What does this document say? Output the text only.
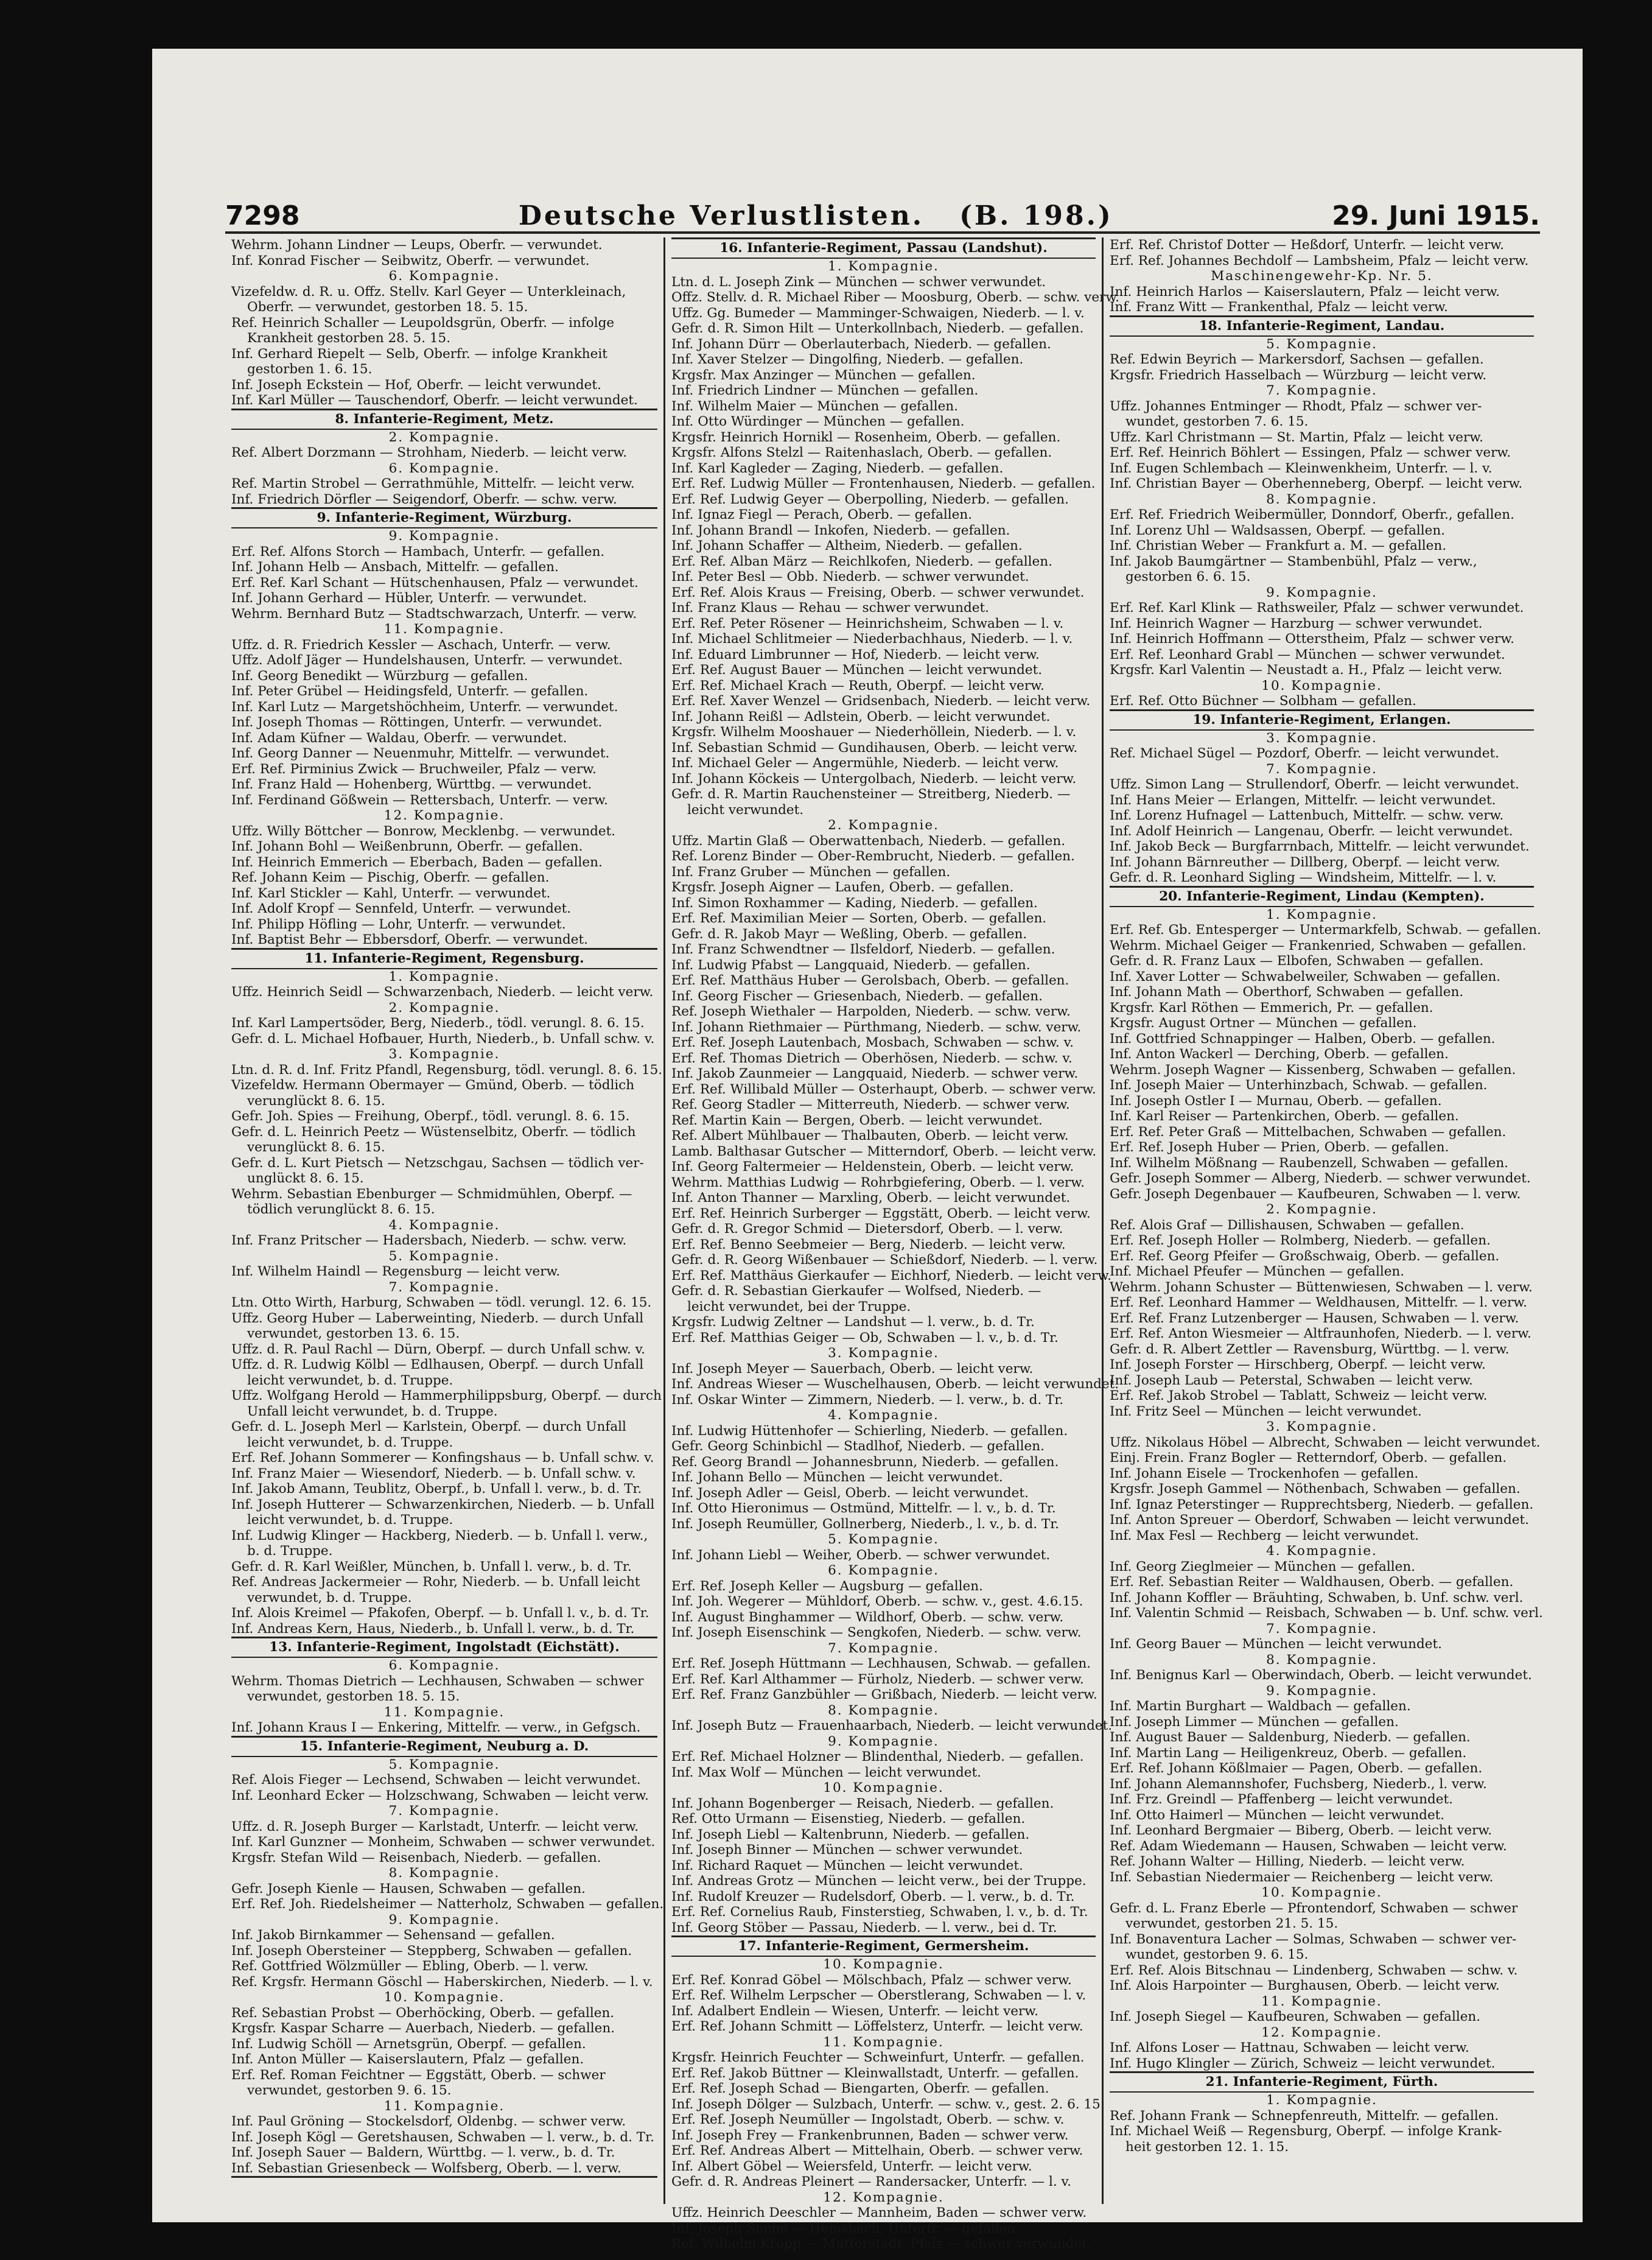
7298	Deutsche Verlustlisten. (B. 198.)	29. Juni 1915.

Wehrm. Johann Lindner — Leups, Oberfr. — verwundet.

Inf. Konrad Fischer — Seibwitz, Oberfr. — verwundet.

6. Kompagnie.

Vizefeldw. d. R. u. Offz. Stellv. Karl Geyer — Unterkleinach,

Oberfr. — verwundet, gestorben 18. 5. 15.

Ref. Heinrich Schaller — Leupoldsgrün, Oberfr. — infolge

Krankheit gestorben 28. 5. 15.

Inf. Gerhard Riepelt — Selb, Oberfr. — infolge Krankheit

gestorben 1. 6. 15.

Inf. Joseph Eckstein — Hof, Oberfr. — leicht verwundet.

Inf. Karl Müller — Tauschendorf, Oberfr. — leicht verwundet.

8. Infanterie-Regiment, Metz.

2. Kompagnie.

Ref. Albert Dorzmann — Strohham, Niederb. — leicht verw.

6. Kompagnie.

Ref. Martin Strobel — Gerrathmühle, Mittelfr. — leicht verw.

Inf. Friedrich Dörfler — Seigendorf, Oberfr. — schw. verw.

9. Infanterie-Regiment, Würzburg.

9. Kompagnie.

Erf. Ref. Alfons Storch — Hambach, Unterfr. — gefallen.

Inf. Johann Helb — Ansbach, Mittelfr. — gefallen.

Erf. Ref. Karl Schant — Hütschenhausen, Pfalz — verwundet.

Inf. Johann Gerhard — Hübler, Unterfr. — verwundet.

Wehrm. Bernhard Butz — Stadtschwarzach, Unterfr. — verw.

11. Kompagnie.

Uffz. d. R. Friedrich Kessler — Aschach, Unterfr. — verw.

Uffz. Adolf Jäger — Hundelshausen, Unterfr. — verwundet.

Inf. Georg Benedikt — Würzburg — gefallen.

Inf. Peter Grübel — Heidingsfeld, Unterfr. — gefallen.

Inf. Karl Lutz — Margetshöchheim, Unterfr. — verwundet.

Inf. Joseph Thomas — Röttingen, Unterfr. — verwundet.

Inf. Adam Küfner — Waldau, Oberfr. — verwundet.

Inf. Georg Danner — Neuenmuhr, Mittelfr. — verwundet.

Erf. Ref. Pirminius Zwick — Bruchweiler, Pfalz — verw.

Inf. Franz Hald — Hohenberg, Württbg. — verwundet.

Inf. Ferdinand Gößwein — Rettersbach, Unterfr. — verw.

12. Kompagnie.

Uffz. Willy Böttcher — Bonrow, Mecklenbg. — verwundet.

Inf. Johann Bohl — Weißenbrunn, Oberfr. — gefallen.

Inf. Heinrich Emmerich — Eberbach, Baden — gefallen.

Ref. Johann Keim — Pischig, Oberfr. — gefallen.

Inf. Karl Stickler — Kahl, Unterfr. — verwundet.

Inf. Adolf Kropf — Sennfeld, Unterfr. — verwundet.

Inf. Philipp Höfling — Lohr, Unterfr. — verwundet.

Inf. Baptist Behr — Ebbersdorf, Oberfr. — verwundet.

11. Infanterie-Regiment, Regensburg.

1. Kompagnie.

Uffz. Heinrich Seidl — Schwarzenbach, Niederb. — leicht verw.

2. Kompagnie.

Inf. Karl Lampertsöder, Berg, Niederb., tödl. verungl. 8. 6. 15.

Gefr. d. L. Michael Hofbauer, Hurth, Niederb., b. Unfall schw. v.

3. Kompagnie.

Ltn. d. R. d. Inf. Fritz Pfandl, Regensburg, tödl. verungl. 8. 6. 15.

Vizefeldw. Hermann Obermayer — Gmünd, Oberb. — tödlich

verunglückt 8. 6. 15.

Gefr. Joh. Spies — Freihung, Oberpf., tödl. verungl. 8. 6. 15.

Gefr. d. L. Heinrich Peetz — Wüstenselbitz, Oberfr. — tödlich

verunglückt 8. 6. 15.

Gefr. d. L. Kurt Pietsch — Netzschgau, Sachsen — tödlich ver-

unglückt 8. 6. 15.

Wehrm. Sebastian Ebenburger — Schmidmühlen, Oberpf. —

tödlich verunglückt 8. 6. 15.

4. Kompagnie.

Inf. Franz Pritscher — Hadersbach, Niederb. — schw. verw.

5. Kompagnie.

Inf. Wilhelm Haindl — Regensburg — leicht verw.

7. Kompagnie.

Ltn. Otto Wirth, Harburg, Schwaben — tödl. verungl. 12. 6. 15.

Uffz. Georg Huber — Laberweinting, Niederb. — durch Unfall

verwundet, gestorben 13. 6. 15.

Uffz. d. R. Paul Rachl — Dürn, Oberpf. — durch Unfall schw. v.

Uffz. d. R. Ludwig Kölbl — Edlhausen, Oberpf. — durch Unfall

leicht verwundet, b. d. Truppe.

Uffz. Wolfgang Herold — Hammerphilippsburg, Oberpf. — durch

Unfall leicht verwundet, b. d. Truppe.

Gefr. d. L. Joseph Merl — Karlstein, Oberpf. — durch Unfall

leicht verwundet, b. d. Truppe.

Erf. Ref. Johann Sommerer — Konfingshaus — b. Unfall schw. v.

Inf. Franz Maier — Wiesendorf, Niederb. — b. Unfall schw. v.

Inf. Jakob Amann, Teublitz, Oberpf., b. Unfall l. verw., b. d. Tr.

Inf. Joseph Hutterer — Schwarzenkirchen, Niederb. — b. Unfall

leicht verwundet, b. d. Truppe.

Inf. Ludwig Klinger — Hackberg, Niederb. — b. Unfall l. verw.,

b. d. Truppe.

Gefr. d. R. Karl Weißler, München, b. Unfall l. verw., b. d. Tr.

Ref. Andreas Jackermeier — Rohr, Niederb. — b. Unfall leicht

verwundet, b. d. Truppe.

Inf. Alois Kreimel — Pfakofen, Oberpf. — b. Unfall l. v., b. d. Tr.

Inf. Andreas Kern, Haus, Niederb., b. Unfall l. verw., b. d. Tr.

13. Infanterie-Regiment, Ingolstadt (Eichstätt).

6. Kompagnie.

Wehrm. Thomas Dietrich — Lechhausen, Schwaben — schwer

verwundet, gestorben 18. 5. 15.

11. Kompagnie.

Inf. Johann Kraus I — Enkering, Mittelfr. — verw., in Gefgsch.

15. Infanterie-Regiment, Neuburg a. D.

5. Kompagnie.

Ref. Alois Fieger — Lechsend, Schwaben — leicht verwundet.

Inf. Leonhard Ecker — Holzschwang, Schwaben — leicht verw.

7. Kompagnie.

Uffz. d. R. Joseph Burger — Karlstadt, Unterfr. — leicht verw.

Inf. Karl Gunzner — Monheim, Schwaben — schwer verwundet.

Krgsfr. Stefan Wild — Reisenbach, Niederb. — gefallen.

8. Kompagnie.

Gefr. Joseph Kienle — Hausen, Schwaben — gefallen.

Erf. Ref. Joh. Riedelsheimer — Natterholz, Schwaben — gefallen.

9. Kompagnie.

Inf. Jakob Birnkammer — Sehensand — gefallen.

Inf. Joseph Obersteiner — Steppberg, Schwaben — gefallen.

Ref. Gottfried Wölzmüller — Ebling, Oberb. — l. verw.

Ref. Krgsfr. Hermann Göschl — Haberskirchen, Niederb. — l. v.

10. Kompagnie.

Ref. Sebastian Probst — Oberhöcking, Oberb. — gefallen.

Krgsfr. Kaspar Scharre — Auerbach, Niederb. — gefallen.

Inf. Ludwig Schöll — Arnetsgrün, Oberpf. — gefallen.

Inf. Anton Müller — Kaiserslautern, Pfalz — gefallen.

Erf. Ref. Roman Feichtner — Eggstätt, Oberb. — schwer

verwundet, gestorben 9. 6. 15.

11. Kompagnie.

Inf. Paul Gröning — Stockelsdorf, Oldenbg. — schwer verw.

Inf. Joseph Kögl — Geretshausen, Schwaben — l. verw., b. d. Tr.

Inf. Joseph Sauer — Baldern, Württbg. — l. verw., b. d. Tr.

Inf. Sebastian Griesenbeck — Wolfsberg, Oberb. — l. verw.

16. Infanterie-Regiment, Passau (Landshut).

1. Kompagnie.

Ltn. d. L. Joseph Zink — München — schwer verwundet.

Offz. Stellv. d. R. Michael Riber — Moosburg, Oberb. — schw. verw.

Uffz. Gg. Bumeder — Mamminger-Schwaigen, Niederb. — l. v.

Gefr. d. R. Simon Hilt — Unterkollnbach, Niederb. — gefallen.

Inf. Johann Dürr — Oberlauterbach, Niederb. — gefallen.

Inf. Xaver Stelzer — Dingolfing, Niederb. — gefallen.

Krgsfr. Max Anzinger — München — gefallen.

Inf. Friedrich Lindner — München — gefallen.

Inf. Wilhelm Maier — München — gefallen.

Inf. Otto Würdinger — München — gefallen.

Krgsfr. Heinrich Hornikl — Rosenheim, Oberb. — gefallen.

Krgsfr. Alfons Stelzl — Raitenhaslach, Oberb. — gefallen.

Inf. Karl Kagleder — Zaging, Niederb. — gefallen.

Erf. Ref. Ludwig Müller — Frontenhausen, Niederb. — gefallen.

Erf. Ref. Ludwig Geyer — Oberpolling, Niederb. — gefallen.

Inf. Ignaz Fiegl — Perach, Oberb. — gefallen.

Inf. Johann Brandl — Inkofen, Niederb. — gefallen.

Inf. Johann Schaffer — Altheim, Niederb. — gefallen.

Erf. Ref. Alban März — Reichlkofen, Niederb. — gefallen.

Inf. Peter Besl — Obb. Niederb. — schwer verwundet.

Erf. Ref. Alois Kraus — Freising, Oberb. — schwer verwundet.

Inf. Franz Klaus — Rehau — schwer verwundet.

Erf. Ref. Peter Rösener — Heinrichsheim, Schwaben — l. v.

Inf. Michael Schlitmeier — Niederbachhaus, Niederb. — l. v.

Inf. Eduard Limbrunner — Hof, Niederb. — leicht verw.

Erf. Ref. August Bauer — München — leicht verwundet.

Erf. Ref. Michael Krach — Reuth, Oberpf. — leicht verw.

Erf. Ref. Xaver Wenzel — Gridsenbach, Niederb. — leicht verw.

Inf. Johann Reißl — Adlstein, Oberb. — leicht verwundet.

Krgsfr. Wilhelm Mooshauer — Niederhöllein, Niederb. — l. v.

Inf. Sebastian Schmid — Gundihausen, Oberb. — leicht verw.

Inf. Michael Geler — Angermühle, Niederb. — leicht verw.

Inf. Johann Köckeis — Untergolbach, Niederb. — leicht verw.

Gefr. d. R. Martin Rauchensteiner — Streitberg, Niederb. —

leicht verwundet.

2. Kompagnie.

Uffz. Martin Glaß — Oberwattenbach, Niederb. — gefallen.

Ref. Lorenz Binder — Ober-Rembrucht, Niederb. — gefallen.

Inf. Franz Gruber — München — gefallen.

Krgsfr. Joseph Aigner — Laufen, Oberb. — gefallen.

Inf. Simon Roxhammer — Kading, Niederb. — gefallen.

Erf. Ref. Maximilian Meier — Sorten, Oberb. — gefallen.

Gefr. d. R. Jakob Mayr — Weßling, Oberb. — gefallen.

Inf. Franz Schwendtner — Ilsfeldorf, Niederb. — gefallen.

Inf. Ludwig Pfabst — Langquaid, Niederb. — gefallen.

Erf. Ref. Matthäus Huber — Gerolsbach, Oberb. — gefallen.

Inf. Georg Fischer — Griesenbach, Niederb. — gefallen.

Ref. Joseph Wiethaler — Harpolden, Niederb. — schw. verw.

Inf. Johann Riethmaier — Pürthmang, Niederb. — schw. verw.

Erf. Ref. Joseph Lautenbach, Mosbach, Schwaben — schw. v.

Erf. Ref. Thomas Dietrich — Oberhösen, Niederb. — schw. v.

Inf. Jakob Zaunmeier — Langquaid, Niederb. — schwer verw.

Erf. Ref. Willibald Müller — Osterhaupt, Oberb. — schwer verw.

Ref. Georg Stadler — Mitterreuth, Niederb. — schwer verw.

Ref. Martin Kain — Bergen, Oberb. — leicht verwundet.

Ref. Albert Mühlbauer — Thalbauten, Oberb. — leicht verw.

Lamb. Balthasar Gutscher — Mitterndorf, Oberb. — leicht verw.

Inf. Georg Faltermeier — Heldenstein, Oberb. — leicht verw.

Wehrm. Matthias Ludwig — Rohrbgiefering, Oberb. — l. verw.

Inf. Anton Thanner — Marxling, Oberb. — leicht verwundet.

Erf. Ref. Heinrich Surberger — Eggstätt, Oberb. — leicht verw.

Gefr. d. R. Gregor Schmid — Dietersdorf, Oberb. — l. verw.

Erf. Ref. Benno Seebmeier — Berg, Niederb. — leicht verw.

Gefr. d. R. Georg Wißenbauer — Schießdorf, Niederb. — l. verw.

Erf. Ref. Matthäus Gierkaufer — Eichhorf, Niederb. — leicht verw.

Gefr. d. R. Sebastian Gierkaufer — Wolfsed, Niederb. —

leicht verwundet, bei der Truppe.

Krgsfr. Ludwig Zeltner — Landshut — l. verw., b. d. Tr.

Erf. Ref. Matthias Geiger — Ob, Schwaben — l. v., b. d. Tr.

3. Kompagnie.

Inf. Joseph Meyer — Sauerbach, Oberb. — leicht verw.

Inf. Andreas Wieser — Wuschelhausen, Oberb. — leicht verwundet.

Inf. Oskar Winter — Zimmern, Niederb. — l. verw., b. d. Tr.

4. Kompagnie.

Inf. Ludwig Hüttenhofer — Schierling, Niederb. — gefallen.

Gefr. Georg Schinbichl — Stadlhof, Niederb. — gefallen.

Ref. Georg Brandl — Johannesbrunn, Niederb. — gefallen.

Inf. Johann Bello — München — leicht verwundet.

Inf. Joseph Adler — Geisl, Oberb. — leicht verwundet.

Inf. Otto Hieronimus — Ostmünd, Mittelfr. — l. v., b. d. Tr.

Inf. Joseph Reumüller, Gollnerberg, Niederb., l. v., b. d. Tr.

5. Kompagnie.

Inf. Johann Liebl — Weiher, Oberb. — schwer verwundet.

6. Kompagnie.

Erf. Ref. Joseph Keller — Augsburg — gefallen.

Inf. Joh. Wegerer — Mühldorf, Oberb. — schw. v., gest. 4.6.15.

Inf. August Binghammer — Wildhorf, Oberb. — schw. verw.

Inf. Joseph Eisenschink — Sengkofen, Niederb. — schw. verw.

7. Kompagnie.

Erf. Ref. Joseph Hüttmann — Lechhausen, Schwab. — gefallen.

Erf. Ref. Karl Althammer — Fürholz, Niederb. — schwer verw.

Erf. Ref. Franz Ganzbühler — Grißbach, Niederb. — leicht verw.

8. Kompagnie.

Inf. Joseph Butz — Frauenhaarbach, Niederb. — leicht verwundet.

9. Kompagnie.

Erf. Ref. Michael Holzner — Blindenthal, Niederb. — gefallen.

Inf. Max Wolf — München — leicht verwundet.

10. Kompagnie.

Inf. Johann Bogenberger — Reisach, Niederb. — gefallen.

Ref. Otto Urmann — Eisenstieg, Niederb. — gefallen.

Inf. Joseph Liebl — Kaltenbrunn, Niederb. — gefallen.

Inf. Joseph Binner — München — schwer verwundet.

Inf. Richard Raquet — München — leicht verwundet.

Inf. Andreas Grotz — München — leicht verw., bei der Truppe.

Inf. Rudolf Kreuzer — Rudelsdorf, Oberb. — l. verw., b. d. Tr.

Erf. Ref. Cornelius Raub, Finsterstieg, Schwaben, l. v., b. d. Tr.

Inf. Georg Stöber — Passau, Niederb. — l. verw., bei d. Tr.

17. Infanterie-Regiment, Germersheim.

10. Kompagnie.

Erf. Ref. Konrad Göbel — Mölschbach, Pfalz — schwer verw.

Erf. Ref. Wilhelm Lerpscher — Oberstlerang, Schwaben — l. v.

Inf. Adalbert Endlein — Wiesen, Unterfr. — leicht verw.

Erf. Ref. Johann Schmitt — Löffelsterz, Unterfr. — leicht verw.

11. Kompagnie.

Krgsfr. Heinrich Feuchter — Schweinfurt, Unterfr. — gefallen.

Erf. Ref. Jakob Büttner — Kleinwallstadt, Unterfr. — gefallen.

Erf. Ref. Joseph Schad — Biengarten, Oberfr. — gefallen.

Inf. Joseph Dölger — Sulzbach, Unterfr. — schw. v., gest. 2. 6. 15.

Erf. Ref. Joseph Neumüller — Ingolstadt, Oberb. — schw. v.

Inf. Joseph Frey — Frankenbrunnen, Baden — schwer verw.

Erf. Ref. Andreas Albert — Mittelhain, Oberb. — schwer verw.

Inf. Albert Göbel — Weiersfeld, Unterfr. — leicht verw.

Gefr. d. R. Andreas Pleinert — Randersacker, Unterfr. — l. v.

12. Kompagnie.

Uffz. Heinrich Deeschler — Mannheim, Baden — schwer verw.

Inf. Joseph Simon — Hemsbach, Unterfr. — gefallen.

Ref. Wilhelm Kropp — Mutterstadt, Pfalz — schwer verwundet.

Erf. Ref. Christof Dotter — Heßdorf, Unterfr. — leicht verw.

Erf. Ref. Johannes Bechdolf — Lambsheim, Pfalz — leicht verw.

Maschinengewehr-Kp. Nr. 5.

Inf. Heinrich Harlos — Kaiserslautern, Pfalz — leicht verw.

Inf. Franz Witt — Frankenthal, Pfalz — leicht verw.

18. Infanterie-Regiment, Landau.

5. Kompagnie.

Ref. Edwin Beyrich — Markersdorf, Sachsen — gefallen.

Krgsfr. Friedrich Hasselbach — Würzburg — leicht verw.

7. Kompagnie.

Uffz. Johannes Entminger — Rhodt, Pfalz — schwer ver-

wundet, gestorben 7. 6. 15.

Uffz. Karl Christmann — St. Martin, Pfalz — leicht verw.

Erf. Ref. Heinrich Böhlert — Essingen, Pfalz — schwer verw.

Inf. Eugen Schlembach — Kleinwenkheim, Unterfr. — l. v.

Inf. Christian Bayer — Oberhenneberg, Oberpf. — leicht verw.

8. Kompagnie.

Erf. Ref. Friedrich Weibermüller, Donndorf, Oberfr., gefallen.

Inf. Lorenz Uhl — Waldsassen, Oberpf. — gefallen.

Inf. Christian Weber — Frankfurt a. M. — gefallen.

Inf. Jakob Baumgärtner — Stambenbühl, Pfalz — verw.,

gestorben 6. 6. 15.

9. Kompagnie.

Erf. Ref. Karl Klink — Rathsweiler, Pfalz — schwer verwundet.

Inf. Heinrich Wagner — Harzburg — schwer verwundet.

Inf. Heinrich Hoffmann — Otterstheim, Pfalz — schwer verw.

Erf. Ref. Leonhard Grabl — München — schwer verwundet.

Krgsfr. Karl Valentin — Neustadt a. H., Pfalz — leicht verw.

10. Kompagnie.

Erf. Ref. Otto Büchner — Solbham — gefallen.

19. Infanterie-Regiment, Erlangen.

3. Kompagnie.

Ref. Michael Sügel — Pozdorf, Oberfr. — leicht verwundet.

7. Kompagnie.

Uffz. Simon Lang — Strullendorf, Oberfr. — leicht verwundet.

Inf. Hans Meier — Erlangen, Mittelfr. — leicht verwundet.

Inf. Lorenz Hufnagel — Lattenbuch, Mittelfr. — schw. verw.

Inf. Adolf Heinrich — Langenau, Oberfr. — leicht verwundet.

Inf. Jakob Beck — Burgfarrnbach, Mittelfr. — leicht verwundet.

Inf. Johann Bärnreuther — Dillberg, Oberpf. — leicht verw.

Gefr. d. R. Leonhard Sigling — Windsheim, Mittelfr. — l. v.

20. Infanterie-Regiment, Lindau (Kempten).

1. Kompagnie.

Erf. Ref. Gb. Entesperger — Untermarkfelb, Schwab. — gefallen.

Wehrm. Michael Geiger — Frankenried, Schwaben — gefallen.

Gefr. d. R. Franz Laux — Elbofen, Schwaben — gefallen.

Inf. Xaver Lotter — Schwabelweiler, Schwaben — gefallen.

Inf. Johann Math — Oberthorf, Schwaben — gefallen.

Krgsfr. Karl Röthen — Emmerich, Pr. — gefallen.

Krgsfr. August Ortner — München — gefallen.

Inf. Gottfried Schnappinger — Halben, Oberb. — gefallen.

Inf. Anton Wackerl — Derching, Oberb. — gefallen.

Wehrm. Joseph Wagner — Kissenberg, Schwaben — gefallen.

Inf. Joseph Maier — Unterhinzbach, Schwab. — gefallen.

Inf. Joseph Ostler I — Murnau, Oberb. — gefallen.

Inf. Karl Reiser — Partenkirchen, Oberb. — gefallen.

Erf. Ref. Peter Graß — Mittelbachen, Schwaben — gefallen.

Erf. Ref. Joseph Huber — Prien, Oberb. — gefallen.

Inf. Wilhelm Mößnang — Raubenzell, Schwaben — gefallen.

Gefr. Joseph Sommer — Alberg, Niederb. — schwer verwundet.

Gefr. Joseph Degenbauer — Kaufbeuren, Schwaben — l. verw.

2. Kompagnie.

Ref. Alois Graf — Dillishausen, Schwaben — gefallen.

Erf. Ref. Joseph Holler — Rolmberg, Niederb. — gefallen.

Erf. Ref. Georg Pfeifer — Großschwaig, Oberb. — gefallen.

Inf. Michael Pfeufer — München — gefallen.

Wehrm. Johann Schuster — Büttenwiesen, Schwaben — l. verw.

Erf. Ref. Leonhard Hammer — Weldhausen, Mittelfr. — l. verw.

Erf. Ref. Franz Lutzenberger — Hausen, Schwaben — l. verw.

Erf. Ref. Anton Wiesmeier — Altfraunhofen, Niederb. — l. verw.

Gefr. d. R. Albert Zettler — Ravensburg, Württbg. — l. verw.

Inf. Joseph Forster — Hirschberg, Oberpf. — leicht verw.

Inf. Joseph Laub — Peterstal, Schwaben — leicht verw.

Erf. Ref. Jakob Strobel — Tablatt, Schweiz — leicht verw.

Inf. Fritz Seel — München — leicht verwundet.

3. Kompagnie.

Uffz. Nikolaus Höbel — Albrecht, Schwaben — leicht verwundet.

Einj. Frein. Franz Bogler — Retterndorf, Oberb. — gefallen.

Inf. Johann Eisele — Trockenhofen — gefallen.

Krgsfr. Joseph Gammel — Nöthenbach, Schwaben — gefallen.

Inf. Ignaz Peterstinger — Rupprechtsberg, Niederb. — gefallen.

Inf. Anton Spreuer — Oberdorf, Schwaben — leicht verwundet.

Inf. Max Fesl — Rechberg — leicht verwundet.

4. Kompagnie.

Inf. Georg Zieglmeier — München — gefallen.

Erf. Ref. Sebastian Reiter — Waldhausen, Oberb. — gefallen.

Inf. Johann Koffler — Bräuhting, Schwaben, b. Unf. schw. verl.

Inf. Valentin Schmid — Reisbach, Schwaben — b. Unf. schw. verl.

7. Kompagnie.

Inf. Georg Bauer — München — leicht verwundet.

8. Kompagnie.

Inf. Benignus Karl — Oberwindach, Oberb. — leicht verwundet.

9. Kompagnie.

Inf. Martin Burghart — Waldbach — gefallen.

Inf. Joseph Limmer — München — gefallen.

Inf. August Bauer — Saldenburg, Niederb. — gefallen.

Inf. Martin Lang — Heiligenkreuz, Oberb. — gefallen.

Erf. Ref. Johann Kößlmaier — Pagen, Oberb. — gefallen.

Inf. Johann Alemannshofer, Fuchsberg, Niederb., l. verw.

Inf. Frz. Greindl — Pfaffenberg — leicht verwundet.

Inf. Otto Haimerl — München — leicht verwundet.

Inf. Leonhard Bergmaier — Biberg, Oberb. — leicht verw.

Ref. Adam Wiedemann — Hausen, Schwaben — leicht verw.

Ref. Johann Walter — Hilling, Niederb. — leicht verw.

Inf. Sebastian Niedermaier — Reichenberg — leicht verw.

10. Kompagnie.

Gefr. d. L. Franz Eberle — Pfrontendorf, Schwaben — schwer

verwundet, gestorben 21. 5. 15.

Inf. Bonaventura Lacher — Solmas, Schwaben — schwer ver-

wundet, gestorben 9. 6. 15.

Erf. Ref. Alois Bitschnau — Lindenberg, Schwaben — schw. v.

Inf. Alois Harpointer — Burghausen, Oberb. — leicht verw.

11. Kompagnie.

Inf. Joseph Siegel — Kaufbeuren, Schwaben — gefallen.

12. Kompagnie.

Inf. Alfons Loser — Hattnau, Schwaben — leicht verw.

Inf. Hugo Klingler — Zürich, Schweiz — leicht verwundet.

21. Infanterie-Regiment, Fürth.

1. Kompagnie.

Ref. Johann Frank — Schnepfenreuth, Mittelfr. — gefallen.

Inf. Michael Weiß — Regensburg, Oberpf. — infolge Krank-

heit gestorben 12. 1. 15.
